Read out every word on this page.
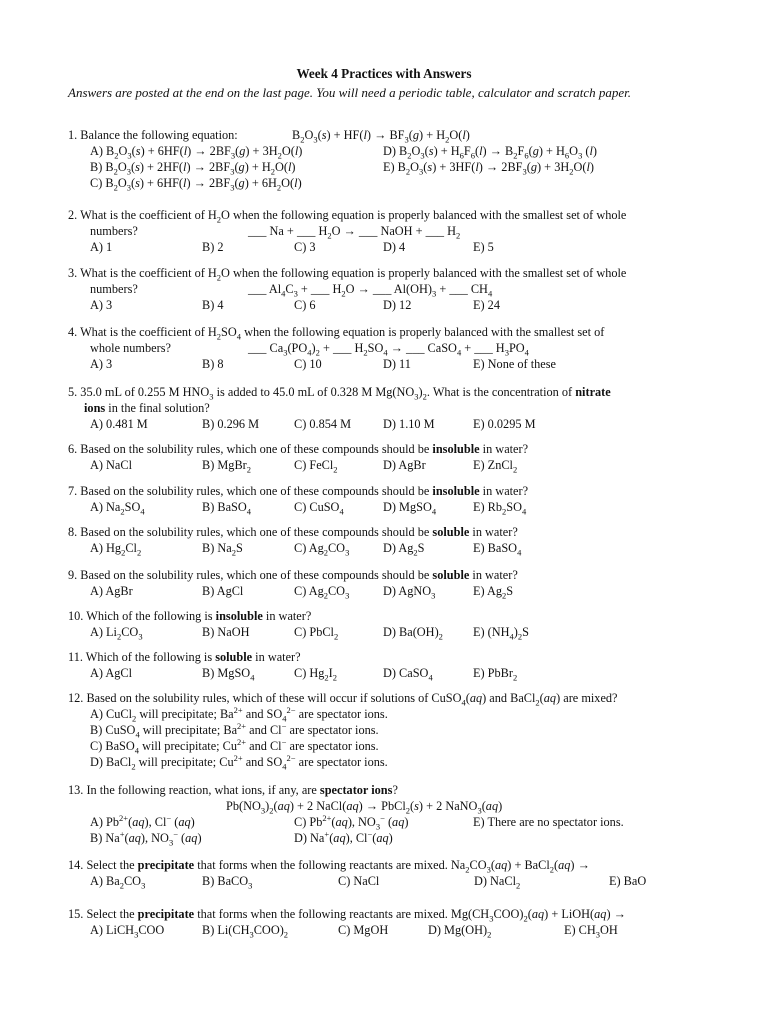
Week 4 Practices with Answers
Answers are posted at the end on the last page. You will need a periodic table, calculator and scratch paper.
1. Balance the following equation:	$B_2O_3(s) + HF(l) \to BF_3(g) + H_2O(l)$
A) $B_2O_3(s) + 6HF(l) \to 2BF_3(g) + 3H_2O(l)$	D) $B_2O_3(s) + H_6F_6(l) \to B_2F_6(g) + H_6O_3$ (l)
B) $B_2O_3(s) + 2HF(l) \to 2BF_3(g) + H_2O(l)$	E) $B_2O_3(s) + 3HF(l) \to 2BF_3(g) + 3H_2O(l)$
C) $B_2O_3(s) + 6HF(l) \to 2BF_3(g) + 6H_2O(l)$
2. What is the coefficient of $H_2O$ when the following equation is properly balanced with the smallest set of whole
numbers?	___ Na + ___ $H_2O$ → ___ NaOH + ___ $H_2$
A) 1	B) 2	C) 3	D) 4	E) 5
3. What is the coefficient of $H_2O$ when the following equation is properly balanced with the smallest set of whole
numbers?	___ $Al_4C_3$ + ___ $H_2O$ → ___ $Al(OH)_3$ + ___ $CH_4$
A) 3	B) 4	C) 6	D) 12	E) 24
4. What is the coefficient of $H_2SO_4$ when the following equation is properly balanced with the smallest set of
whole numbers?	___ $Ca_3(PO_4)_2$ + ___ $H_2SO_4$ → ___ CaSO$_4$ + ___ $H_3PO_4$
A) 3	B) 8	C) 10	D) 11	E) None of these
5. 35.0 mL of 0.255 M $HNO_3$ is added to 45.0 mL of 0.328 M $Mg(NO_3)_2$. What is the concentration of nitrate
ions in the final solution?
A) 0.481 M	B) 0.296 M	C) 0.854 M	D) 1.10 M	E) 0.0295 M
6. Based on the solubility rules, which one of these compounds should be insoluble in water?
A) NaCl	B) MgBr$_2$	C) FeCl$_2$	D) AgBr	E) ZnCl$_2$
7. Based on the solubility rules, which one of these compounds should be insoluble in water?
A) $Na_2SO_4$	B) BaSO$_4$	C) CuSO$_4$	D) MgSO$_4$	E) $Rb_2SO_4$
8. Based on the solubility rules, which one of these compounds should be soluble in water?
A) $Hg_2Cl_2$	B) $Na_2S$	C) $Ag_2CO_3$	D) $Ag_2S$	E) BaSO$_4$
9. Based on the solubility rules, which one of these compounds should be soluble in water?
A) AgBr	B) AgCl	C) $Ag_2CO_3$	D) AgNO$_3$	E) $Ag_2S$
10. Which of the following is insoluble in water?
A) $Li_2CO_3$	B) NaOH	C) PbCl$_2$	D) $Ba(OH)_2$ E) $(NH_4)_2S$
11. Which of the following is soluble in water?
A) AgCl	B) MgSO$_4$	C) $Hg_2I_2$	D) CaSO$_4$	E) PbBr$_2$
12. Based on the solubility rules, which of these will occur if solutions of CuSO$_4$(aq) and BaCl$_2$(aq) are mixed?
A) CuCl$_2$ will precipitate; $Ba^{2+}$ and $SO_4^{2-}$ are spectator ions.
B) CuSO$_4$ will precipitate; $Ba^{2+}$ and Cl− are spectator ions.
C) BaSO$_4$ will precipitate; $Cu^{2+}$ and Cl− are spectator ions.
D) BaCl$_2$ will precipitate; $Cu^{2+}$ and $SO_4^{2-}$ are spectator ions.
13. In the following reaction, what ions, if any, are spectator ions?
$Pb(NO_3)_2(aq) + 2$ NaCl(aq) → PbCl$_2$(s) + 2 NaNO$_3$(aq)
A) $Pb^{2+}(aq)$, Cl− (aq)	C) $Pb^{2+}(aq)$, $NO_3^-$ (aq)	E) There are no spectator ions.
B) Na+(aq), $NO_3^-$ (aq)	D) Na+(aq), Cl−(aq)
14. Select the precipitate that forms when the following reactants are mixed. $Na_2CO_3(aq)$ + BaCl$_2$(aq) →
A) $Ba_2CO_3$	B) BaCO$_3$	C) NaCl	D) NaCl$_2$	E) BaO
15. Select the precipitate that forms when the following reactants are mixed. $Mg(CH_3COO)_2(aq)$ + LiOH(aq) →
A) LiCH$_3$COO	B) $Li(CH_3COO)_2$	C) MgOH	D) $Mg(OH)_2$	E) $CH_3OH$
